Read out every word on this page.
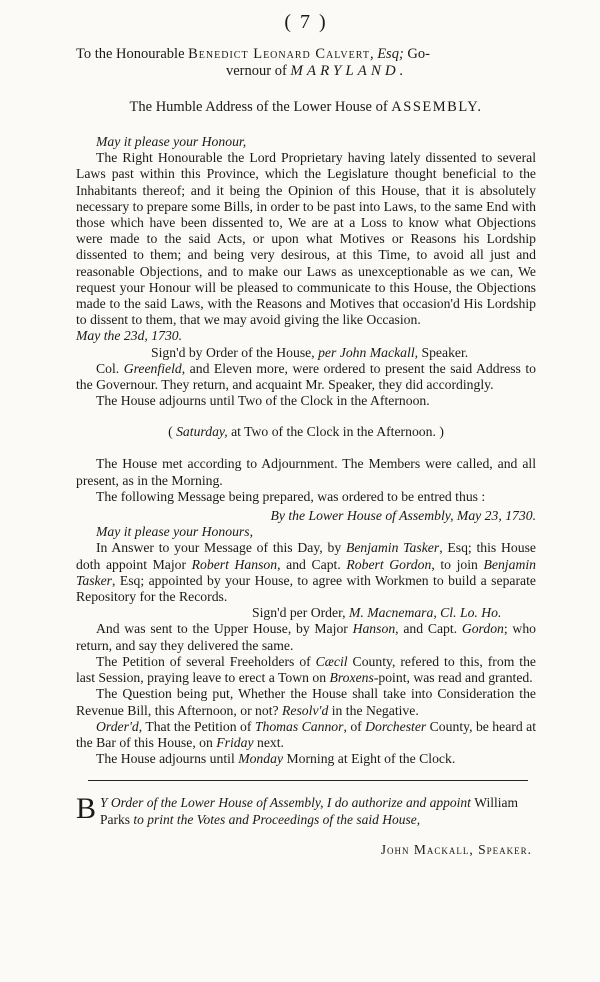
( 7 )
To the Honourable Benedict Leonard Calvert, Esq; Go-
vernour of MARYLAND.
The Humble Address of the Lower House of ASSEMBLY.
May it please your Honour,

The Right Honourable the Lord Proprietary having lately dissented to several Laws past within this Province, which the Legislature thought beneficial to the Inhabitants thereof; and it being the Opinion of this House, that it is absolutely necessary to prepare some Bills, in order to be past into Laws, to the same End with those which have been dissented to, We are at a Loss to know what Objections were made to the said Acts, or upon what Motives or Reasons his Lordship dissented to them; and being very desirous, at this Time, to avoid all just and reasonable Objections, and to make our Laws as unexceptionable as we can, We request your Honour will be pleased to communicate to this House, the Objections made to the said Laws, with the Reasons and Motives that occasion'd His Lordship to dissent to them, that we may avoid giving the like Occasion.

May the 23d, 1730.
Sign'd by Order of the House, per John Mackall, Speaker.

Col. Greenfield, and Eleven more, were ordered to present the said Address to the Governour. They return, and acquaint Mr. Speaker, they did accordingly.

The House adjourns until Two of the Clock in the Afternoon.

( Saturday, at Two of the Clock in the Afternoon. )

The House met according to Adjournment. The Members were called, and all present, as in the Morning.

The following Message being prepared, was ordered to be entred thus :

By the Lower House of Assembly, May 23, 1730.
May it please your Honours,

In Answer to your Message of this Day, by Benjamin Tasker, Esq; this House doth appoint Major Robert Hanson, and Capt. Robert Gordon, to join Benjamin Tasker, Esq; appointed by your House, to agree with Workmen to build a separate Repository for the Records.

Sign'd per Order, M. Macnemara, Cl. Lo. Ho.

And was sent to the Upper House, by Major Hanson, and Capt. Gordon; who return, and say they delivered the same.

The Petition of several Freeholders of Cæcil County, refered to this, from the last Session, praying leave to erect a Town on Broxens-point, was read and granted.

The Question being put, Whether the House shall take into Consideration the Revenue Bill, this Afternoon, or not? Resolv'd in the Negative.

Order'd, That the Petition of Thomas Cannor, of Dorchester County, be heard at the Bar of this House, on Friday next.

The House adjourns until Monday Morning at Eight of the Clock.

B Y Order of the Lower House of Assembly, I do authorize and appoint William Parks to print the Votes and Proceedings of the said House,
John Mackall, Speaker.
